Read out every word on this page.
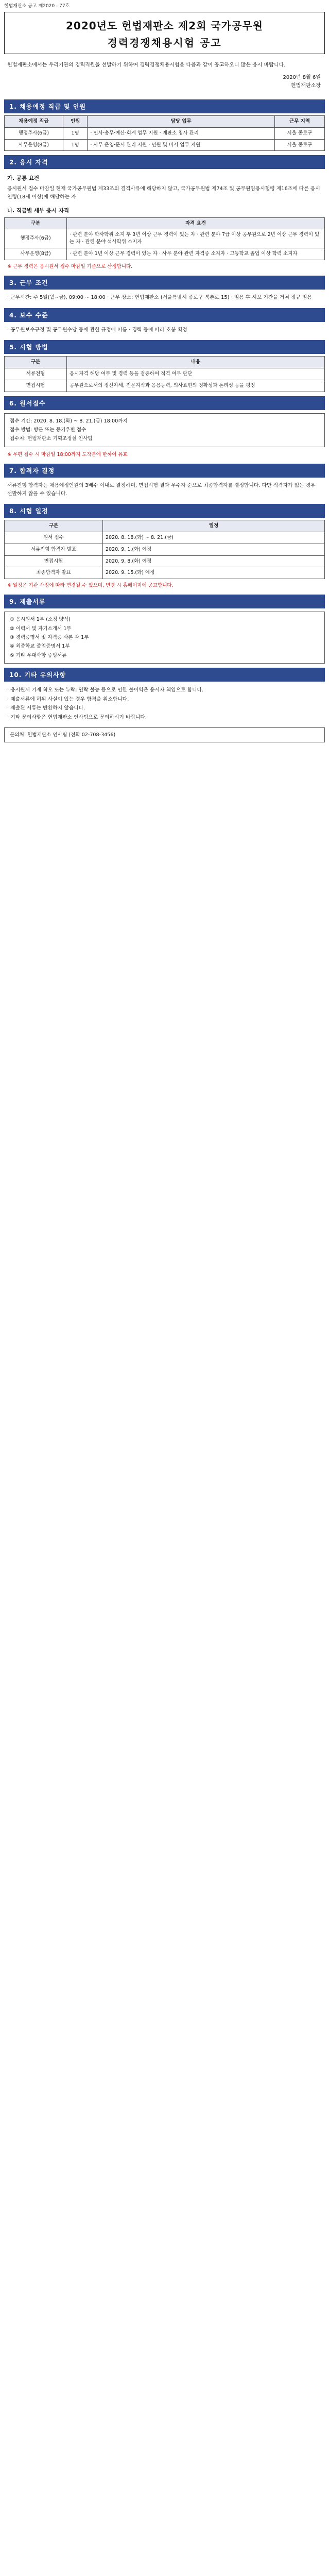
헌법재판소 공고 제2020 - 77호
2020년도 헌법재판소 제2회 국가공무원
경력경쟁채용시험 공고
헌법재판소에서는 우리기관의 경력직원을 선발하기 위하여 경력경쟁채용시험을 다음과 같이 공고하오니 많은 응시 바랍니다.
2020년 8월 6일
헌법재판소장
1. 채용예정 직급 및 인원
채용예정 직급	인원	담당 업무	근무 지역
행정주사(6급)	1명	· 인사·총무·예산·회계 업무 지원 · 재판소 청사 관리	서울 종로구
사무운영(8급)	1명	· 사무 운영·문서 관리 지원 · 민원 및 비서 업무 지원	서울 종로구
2. 응시 자격
가. 공통 요건
응시원서 접수 마감일 현재 국가공무원법 제33조의 결격사유에 해당하지 않고, 국가공무원법 제74조 및 공무원임용시험령 제16조에 따른 응시연령(18세 이상)에 해당하는 자
나. 직급별 세부 응시 자격
구분	자격 요건
행정주사(6급)	· 관련 분야 학사학위 소지 후 3년 이상 근무 경력이 있는 자 · 관련 분야 7급 이상 공무원으로 2년 이상 근무 경력이 있는 자 · 관련 분야 석사학위 소지자
사무운영(8급)	· 관련 분야 1년 이상 근무 경력이 있는 자 · 사무 분야 관련 자격증 소지자 · 고등학교 졸업 이상 학력 소지자
※ 근무 경력은 응시원서 접수 마감일 기준으로 산정합니다.
3. 근무 조건
· 근무시간: 주 5일(월~금), 09:00 ~ 18:00 · 근무 장소: 헌법재판소 (서울특별시 종로구 북촌로 15) · 임용 후 시보 기간을 거쳐 정규 임용
4. 보수 수준
· 공무원보수규정 및 공무원수당 등에 관한 규정에 따름 · 경력 등에 따라 호봉 획정
5. 시험 방법
구분	내용
서류전형	응시자격 해당 여부 및 경력 등을 검증하여 적격 여부 판단
면접시험	공무원으로서의 정신자세, 전문지식과 응용능력, 의사표현의 정확성과 논리성 등을 평정
6. 원서접수
접수 기간: 2020. 8. 18.(화) ~ 8. 21.(금) 18:00까지
접수 방법: 방문 또는 등기우편 접수
접수처: 헌법재판소 기획조정실 인사팀
※ 우편 접수 시 마감일 18:00까지 도착분에 한하여 유효
7. 합격자 결정
서류전형 합격자는 채용예정인원의 3배수 이내로 결정하며, 면접시험 결과 우수자 순으로 최종합격자를 결정합니다. 다만 적격자가 없는 경우 선발하지 않을 수 있습니다.
8. 시험 일정
구분	일정
원서 접수	2020. 8. 18.(화) ~ 8. 21.(금)
서류전형 합격자 발표	2020. 9. 1.(화) 예정
면접시험	2020. 9. 8.(화) 예정
최종합격자 발표	2020. 9. 15.(화) 예정
※ 일정은 기관 사정에 따라 변경될 수 있으며, 변경 시 홈페이지에 공고합니다.
9. 제출서류
① 응시원서 1부 (소정 양식)
② 이력서 및 자기소개서 1부
③ 경력증명서 및 자격증 사본 각 1부
④ 최종학교 졸업증명서 1부
⑤ 기타 우대사항 증빙서류
10. 기타 유의사항
· 응시원서 기재 착오 또는 누락, 연락 불능 등으로 인한 불이익은 응시자 책임으로 합니다.
· 제출서류에 허위 사실이 있는 경우 합격을 취소합니다.
· 제출된 서류는 반환하지 않습니다.
· 기타 문의사항은 헌법재판소 인사팀으로 문의하시기 바랍니다.
문의처: 헌법재판소 인사팀 (전화 02-708-3456)
